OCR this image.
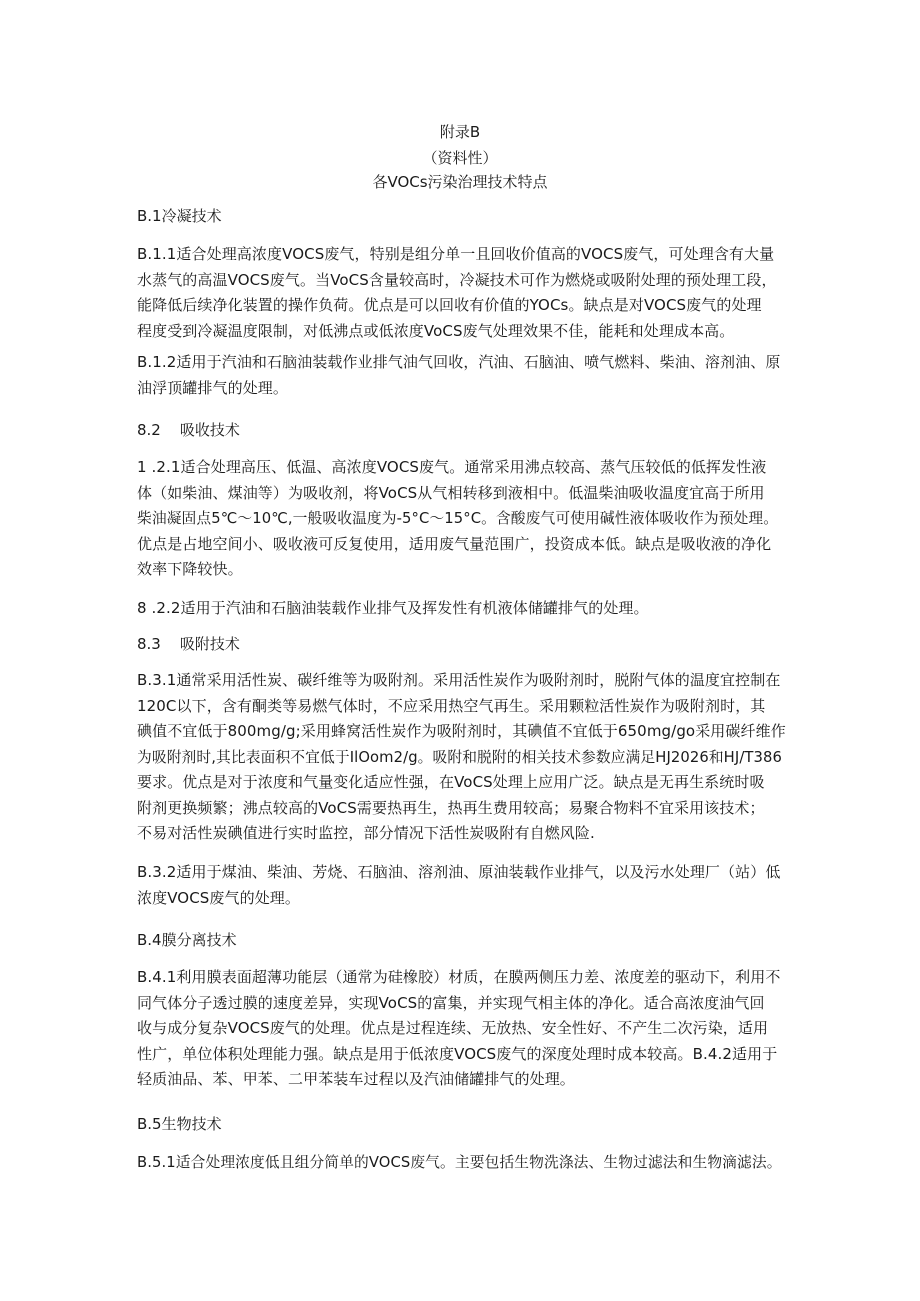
附录B
（资料性）
各VOCs污染治理技术特点
B.1冷凝技术
B.1.1适合处理高浓度VOCS废气，特别是组分单一且回收价值高的VOCS废气，可处理含有大量
水蒸气的高温VOCS废气。当VoCS含量较高时，冷凝技术可作为燃烧或吸附处理的预处理工段，
能降低后续净化装置的操作负荷。优点是可以回收有价值的YOCs。缺点是对VOCS废气的处理
程度受到冷凝温度限制，对低沸点或低浓度VoCS废气处理效果不佳，能耗和处理成本高。
B.1.2适用于汽油和石脑油装载作业排气油气回收，汽油、石脑油、喷气燃料、柴油、溶剂油、原
油浮顶罐排气的处理。
8.2    吸收技术
1 .2.1适合处理高压、低温、高浓度VOCS废气。通常采用沸点较高、蒸气压较低的低挥发性液
体（如柴油、煤油等）为吸收剂，将VoCS从气相转移到液相中。低温柴油吸收温度宜高于所用
柴油凝固点5℃～10℃,一般吸收温度为-5°C～15°C。含酸废气可使用碱性液体吸收作为预处理。
优点是占地空间小、吸收液可反复使用，适用废气量范围广，投资成本低。缺点是吸收液的净化
效率下降较快。
8 .2.2适用于汽油和石脑油装载作业排气及挥发性有机液体储罐排气的处理。
8.3    吸附技术
B.3.1通常采用活性炭、碳纤维等为吸附剂。采用活性炭作为吸附剂时，脱附气体的温度宜控制在
120C以下，含有酮类等易燃气体时，不应采用热空气再生。采用颗粒活性炭作为吸附剂时，其
碘值不宜低于800mg∕g;采用蜂窝活性炭作为吸附剂时，其碘值不宜低于650mg/go采用碳纤维作
为吸附剂时,其比表面积不宜低于IlOom2/g。吸附和脱附的相关技术参数应满足HJ2026和HJ/T386
要求。优点是对于浓度和气量变化适应性强，在VoCS处理上应用广泛。缺点是无再生系统时吸
附剂更换频繁；沸点较高的VoCS需要热再生，热再生费用较高；易聚合物料不宜采用该技术；
不易对活性炭碘值进行实时监控，部分情况下活性炭吸附有自燃风险.
B.3.2适用于煤油、柴油、芳烧、石脑油、溶剂油、原油装载作业排气，以及污水处理厂（站）低
浓度VOCS废气的处理。
B.4膜分离技术
B.4.1利用膜表面超薄功能层（通常为硅橡胶）材质，在膜两侧压力差、浓度差的驱动下，利用不
同气体分子透过膜的速度差异，实现VoCS的富集，并实现气相主体的净化。适合高浓度油气回
收与成分复杂VOCS废气的处理。优点是过程连续、无放热、安全性好、不产生二次污染，适用
性广，单位体积处理能力强。缺点是用于低浓度VOCS废气的深度处理时成本较高。B.4.2适用于
轻质油品、苯、甲苯、二甲苯装车过程以及汽油储罐排气的处理。
B.5生物技术
B.5.1适合处理浓度低且组分简单的VOCS废气。主要包括生物洗涤法、生物过滤法和生物滴滤法。
